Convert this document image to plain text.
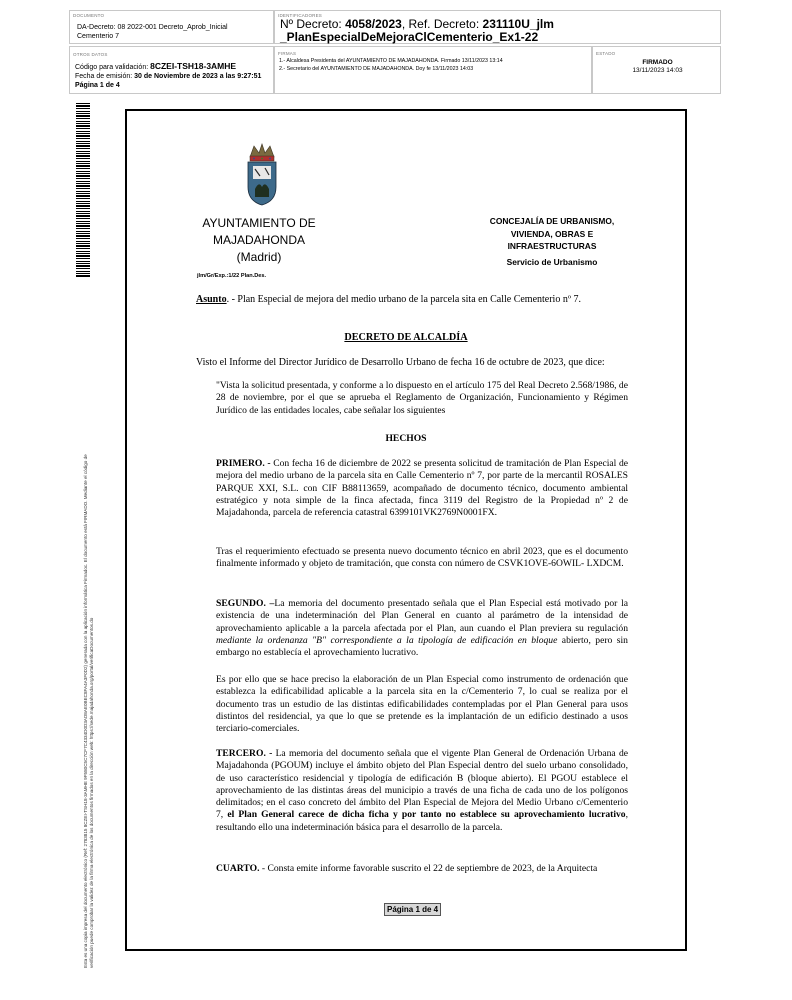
DOCUMENTO
DA-Decreto: 08 2022-001 Decreto_Aprob_Inicial Cementerio 7
IDENTIFICADORES
Nº Decreto: 4058/2023, Ref. Decreto: 231110U_jlm _PlanEspecialDeMejoraClCementerio_Ex1-22
OTROS DATOS
Código para validación: 8CZEI-TSH18-3AMHE
Fecha de emisión: 30 de Noviembre de 2023 a las 9:27:51
Página 1 de 4
FIRMAS
1.- Alcaldesa Presidenta del AYUNTAMIENTO DE MAJADAHONDA. Firmado 13/11/2023 13:14
2.- Secretario del AYUNTAMIENTO DE MAJADAHONDA. Doy fe 13/11/2023 14:03
ESTADO
FIRMADO
13/11/2023 14:03
Esta es una copia impresa del documento electrónico (Ref: 2783815 8CZEI-TSH18-3AMHE 9F580C5C7CF7C4334D0D3AD8AE0BEC8FA4A3F0D2) generada con la aplicación informática Firmadoc. El documento está FIRMADO. Mediante el código de verificación puede comprobar la validez de la firma electrónica de los documentos firmados en la dirección web: https://sede.majadahonda.org/portal/verificaDocumentos.do
AYUNTAMIENTO DE
MAJADAHONDA
(Madrid)
jlm/Gr/Exp.:1/22 Plan.Des.
CONCEJALÍA DE URBANISMO,
VIVIENDA, OBRAS E
INFRAESTRUCTURAS
Servicio de Urbanismo
Asunto. - Plan Especial de mejora del medio urbano de la parcela sita en Calle Cementerio nº 7.
DECRETO DE ALCALDÍA
Visto el Informe del Director Jurídico de Desarrollo Urbano de fecha 16 de octubre de 2023, que dice:
"Vista la solicitud presentada, y conforme a lo dispuesto en el artículo 175 del Real Decreto 2.568/1986, de 28 de noviembre, por el que se aprueba el Reglamento de Organización, Funcionamiento y Régimen Jurídico de las entidades locales, cabe señalar los siguientes
HECHOS
PRIMERO. - Con fecha 16 de diciembre de 2022 se presenta solicitud de tramitación de Plan Especial de mejora del medio urbano de la parcela sita en Calle Cementerio nº 7, por parte de la mercantil ROSALES PARQUE XXI, S.L. con CIF B88113659, acompañado de documento técnico, documento ambiental estratégico y nota simple de la finca afectada, finca 3119 del Registro de la Propiedad nº 2 de Majadahonda, parcela de referencia catastral 6399101VK2769N0001FX.
Tras el requerimiento efectuado se presenta nuevo documento técnico en abril 2023, que es el documento finalmente informado y objeto de tramitación, que consta con número de CSVK1OVE-6OWIL- LXDCM.
SEGUNDO. –La memoria del documento presentado señala que el Plan Especial está motivado por la existencia de una indeterminación del Plan General en cuanto al parámetro de la intensidad de aprovechamiento aplicable a la parcela afectada por el Plan, aun cuando el Plan previera su regulación mediante la ordenanza "B" correspondiente a la tipología de edificación en bloque abierto, pero sin embargo no establecía el aprovechamiento lucrativo.
Es por ello que se hace preciso la elaboración de un Plan Especial como instrumento de ordenación que establezca la edificabilidad aplicable a la parcela sita en la c/Cementerio 7, lo cual se realiza por el documento tras un estudio de las distintas edificabilidades contempladas por el Plan General para usos distintos del residencial, ya que lo que se pretende es la implantación de un edificio destinado a usos terciario-comerciales.
TERCERO. - La memoria del documento señala que el vigente Plan General de Ordenación Urbana de Majadahonda (PGOUM) incluye el ámbito objeto del Plan Especial dentro del suelo urbano consolidado, de uso característico residencial y tipología de edificación B (bloque abierto). El PGOU establece el aprovechamiento de las distintas áreas del municipio a través de una ficha de cada uno de los polígonos delimitados; en el caso concreto del ámbito del Plan Especial de Mejora del Medio Urbano c/Cementerio 7, el Plan General carece de dicha ficha y por tanto no establece su aprovechamiento lucrativo, resultando ello una indeterminación básica para el desarrollo de la parcela.
CUARTO. - Consta emite informe favorable suscrito el 22 de septiembre de 2023, de la Arquitecta
Página 1 de 4
